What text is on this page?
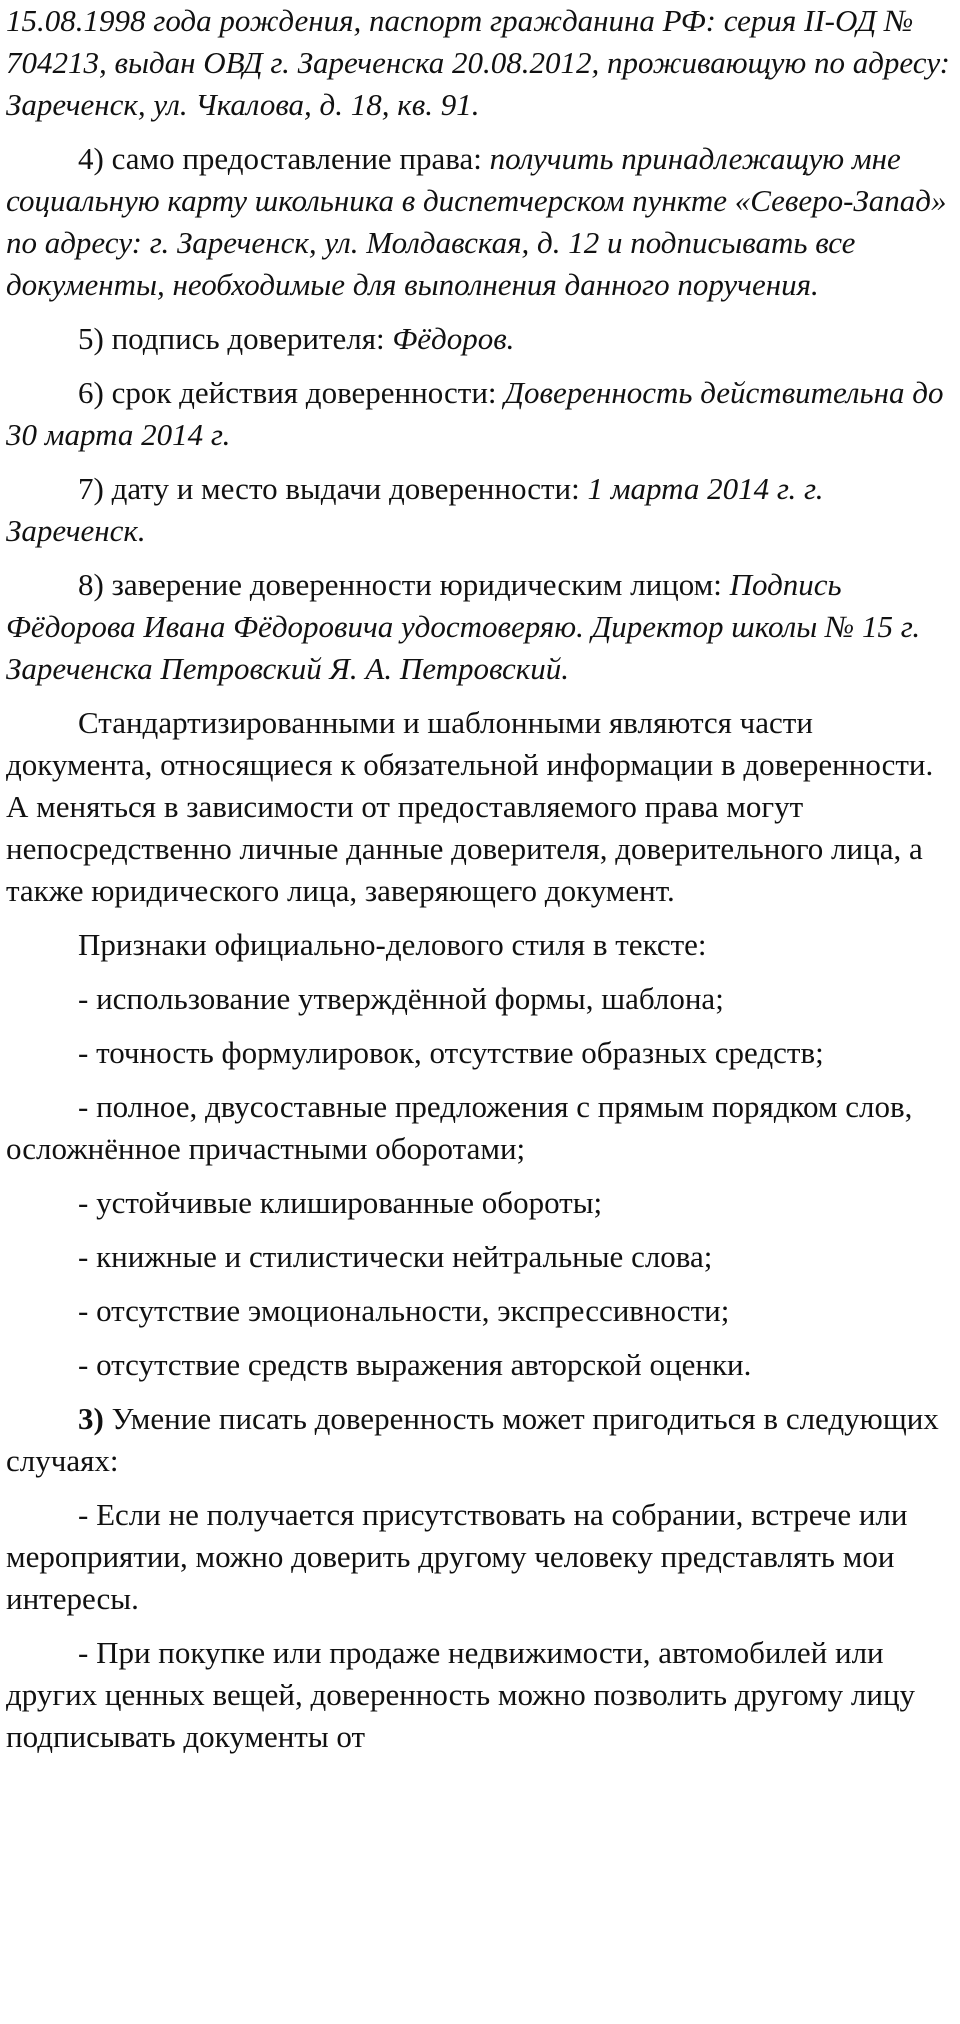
15.08.1998 года рождения, паспорт гражданина РФ: серия II-ОД № 704213, выдан ОВД г. Зареченска 20.08.2012, проживающую по адресу: Зареченск, ул. Чкалова, д. 18, кв. 91.

4) само предоставление права: получить принадлежащую мне социальную карту школьника в диспетчерском пункте «Северо-Запад» по адресу: г. Зареченск, ул. Молдавская, д. 12 и подписывать все документы, необходимые для выполнения данного поручения.

5) подпись доверителя: Фёдоров.

6) срок действия доверенности: Доверенность действительна до 30 марта 2014 г.

7) дату и место выдачи доверенности: 1 марта 2014 г. г. Зареченск.

8) заверение доверенности юридическим лицом: Подпись Фёдорова Ивана Фёдоровича удостоверяю. Директор школы № 15 г. Зареченска Петровский Я. А. Петровский.

Стандартизированными и шаблонными являются части документа, относящиеся к обязательной информации в доверенности. А меняться в зависимости от предоставляемого права могут непосредственно личные данные доверителя, доверительного лица, а также юридического лица, заверяющего документ.

Признаки официально-делового стиля в тексте:

- использование утверждённой формы, шаблона;

- точность формулировок, отсутствие образных средств;

- полное, двусоставные предложения с прямым порядком слов, осложнённое причастными оборотами;

- устойчивые клишированные обороты;

- книжные и стилистически нейтральные слова;

- отсутствие эмоциональности, экспрессивности;

- отсутствие средств выражения авторской оценки.

3) Умение писать доверенность может пригодиться в следующих случаях:

- Если не получается присутствовать на собрании, встрече или мероприятии, можно доверить другому человеку представлять мои интересы.

- При покупке или продаже недвижимости, автомобилей или других ценных вещей, доверенность можно позволить другому лицу подписывать документы от
